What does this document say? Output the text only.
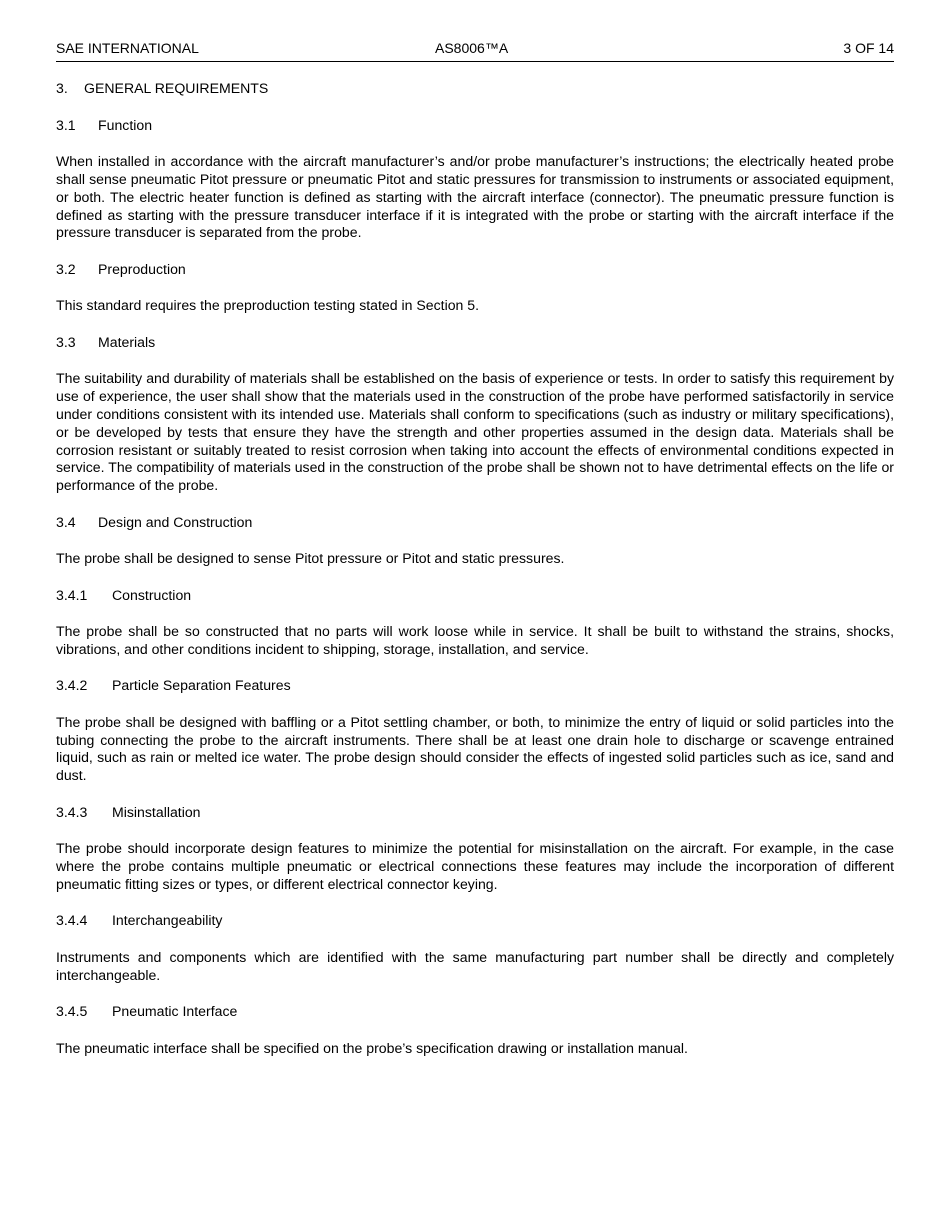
SAE INTERNATIONAL	AS8006™A	3 OF 14
3. GENERAL REQUIREMENTS
3.1 Function

When installed in accordance with the aircraft manufacturer’s and/or probe manufacturer’s instructions; the electrically heated probe shall sense pneumatic Pitot pressure or pneumatic Pitot and static pressures for transmission to instruments or associated equipment, or both. The electric heater function is defined as starting with the aircraft interface (connector). The pneumatic pressure function is defined as starting with the pressure transducer interface if it is integrated with the probe or starting with the aircraft interface if the pressure transducer is separated from the probe.

3.2 Preproduction

This standard requires the preproduction testing stated in Section 5.

3.3 Materials

The suitability and durability of materials shall be established on the basis of experience or tests. In order to satisfy this requirement by use of experience, the user shall show that the materials used in the construction of the probe have performed satisfactorily in service under conditions consistent with its intended use. Materials shall conform to specifications (such as industry or military specifications), or be developed by tests that ensure they have the strength and other properties assumed in the design data. Materials shall be corrosion resistant or suitably treated to resist corrosion when taking into account the effects of environmental conditions expected in service. The compatibility of materials used in the construction of the probe shall be shown not to have detrimental effects on the life or performance of the probe.

3.4 Design and Construction

The probe shall be designed to sense Pitot pressure or Pitot and static pressures.

3.4.1 Construction

The probe shall be so constructed that no parts will work loose while in service. It shall be built to withstand the strains, shocks, vibrations, and other conditions incident to shipping, storage, installation, and service.

3.4.2 Particle Separation Features

The probe shall be designed with baffling or a Pitot settling chamber, or both, to minimize the entry of liquid or solid particles into the tubing connecting the probe to the aircraft instruments. There shall be at least one drain hole to discharge or scavenge entrained liquid, such as rain or melted ice water. The probe design should consider the effects of ingested solid particles such as ice, sand and dust.

3.4.3 Misinstallation

The probe should incorporate design features to minimize the potential for misinstallation on the aircraft. For example, in the case where the probe contains multiple pneumatic or electrical connections these features may include the incorporation of different pneumatic fitting sizes or types, or different electrical connector keying.

3.4.4 Interchangeability

Instruments and components which are identified with the same manufacturing part number shall be directly and completely interchangeable.

3.4.5 Pneumatic Interface

The pneumatic interface shall be specified on the probe’s specification drawing or installation manual.
